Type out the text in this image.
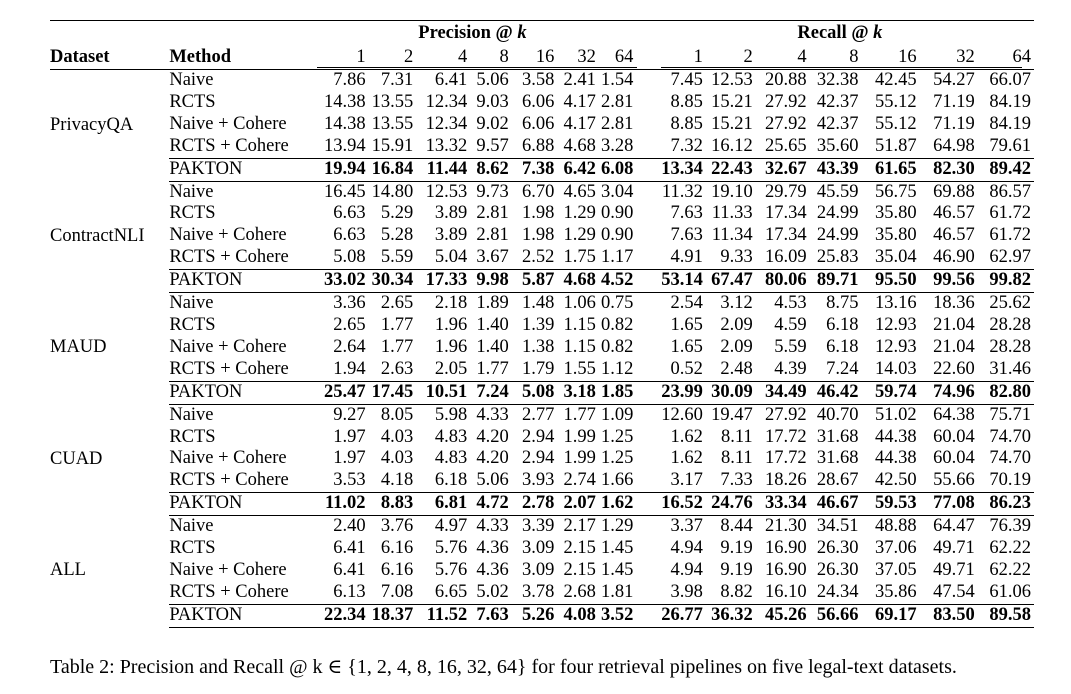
		Precision @ k								Recall @ k						
Dataset	Method	1	2	4	8	16	32	64		1	2	4	8	16	32	64
PrivacyQA	Naive	7.86	7.31	6.41	5.06	3.58	2.41	1.54		7.45	12.53	20.88	32.38	42.45	54.27	66.07
	RCTS	14.38	13.55	12.34	9.03	6.06	4.17	2.81		8.85	15.21	27.92	42.37	55.12	71.19	84.19
	Naive + Cohere	14.38	13.55	12.34	9.02	6.06	4.17	2.81		8.85	15.21	27.92	42.37	55.12	71.19	84.19
	RCTS + Cohere	13.94	15.91	13.32	9.57	6.88	4.68	3.28		7.32	16.12	25.65	35.60	51.87	64.98	79.61
	PAKTON	19.94	16.84	11.44	8.62	7.38	6.42	6.08		13.34	22.43	32.67	43.39	61.65	82.30	89.42
ContractNLI	Naive	16.45	14.80	12.53	9.73	6.70	4.65	3.04		11.32	19.10	29.79	45.59	56.75	69.88	86.57
	RCTS	6.63	5.29	3.89	2.81	1.98	1.29	0.90		7.63	11.33	17.34	24.99	35.80	46.57	61.72
	Naive + Cohere	6.63	5.28	3.89	2.81	1.98	1.29	0.90		7.63	11.34	17.34	24.99	35.80	46.57	61.72
	RCTS + Cohere	5.08	5.59	5.04	3.67	2.52	1.75	1.17		4.91	9.33	16.09	25.83	35.04	46.90	62.97
	PAKTON	33.02	30.34	17.33	9.98	5.87	4.68	4.52		53.14	67.47	80.06	89.71	95.50	99.56	99.82
MAUD	Naive	3.36	2.65	2.18	1.89	1.48	1.06	0.75		2.54	3.12	4.53	8.75	13.16	18.36	25.62
	RCTS	2.65	1.77	1.96	1.40	1.39	1.15	0.82		1.65	2.09	4.59	6.18	12.93	21.04	28.28
	Naive + Cohere	2.64	1.77	1.96	1.40	1.38	1.15	0.82		1.65	2.09	5.59	6.18	12.93	21.04	28.28
	RCTS + Cohere	1.94	2.63	2.05	1.77	1.79	1.55	1.12		0.52	2.48	4.39	7.24	14.03	22.60	31.46
	PAKTON	25.47	17.45	10.51	7.24	5.08	3.18	1.85		23.99	30.09	34.49	46.42	59.74	74.96	82.80
CUAD	Naive	9.27	8.05	5.98	4.33	2.77	1.77	1.09		12.60	19.47	27.92	40.70	51.02	64.38	75.71
	RCTS	1.97	4.03	4.83	4.20	2.94	1.99	1.25		1.62	8.11	17.72	31.68	44.38	60.04	74.70
	Naive + Cohere	1.97	4.03	4.83	4.20	2.94	1.99	1.25		1.62	8.11	17.72	31.68	44.38	60.04	74.70
	RCTS + Cohere	3.53	4.18	6.18	5.06	3.93	2.74	1.66		3.17	7.33	18.26	28.67	42.50	55.66	70.19
	PAKTON	11.02	8.83	6.81	4.72	2.78	2.07	1.62		16.52	24.76	33.34	46.67	59.53	77.08	86.23
ALL	Naive	2.40	3.76	4.97	4.33	3.39	2.17	1.29		3.37	8.44	21.30	34.51	48.88	64.47	76.39
	RCTS	6.41	6.16	5.76	4.36	3.09	2.15	1.45		4.94	9.19	16.90	26.30	37.06	49.71	62.22
	Naive + Cohere	6.41	6.16	5.76	4.36	3.09	2.15	1.45		4.94	9.19	16.90	26.30	37.05	49.71	62.22
	RCTS + Cohere	6.13	7.08	6.65	5.02	3.78	2.68	1.81		3.98	8.82	16.10	24.34	35.86	47.54	61.06
	PAKTON	22.34	18.37	11.52	7.63	5.26	4.08	3.52		26.77	36.32	45.26	56.66	69.17	83.50	89.58
Table 2: Precision and Recall @ k ∈ {1, 2, 4, 8, 16, 32, 64} for four retrieval pipelines on five legal-text datasets.
